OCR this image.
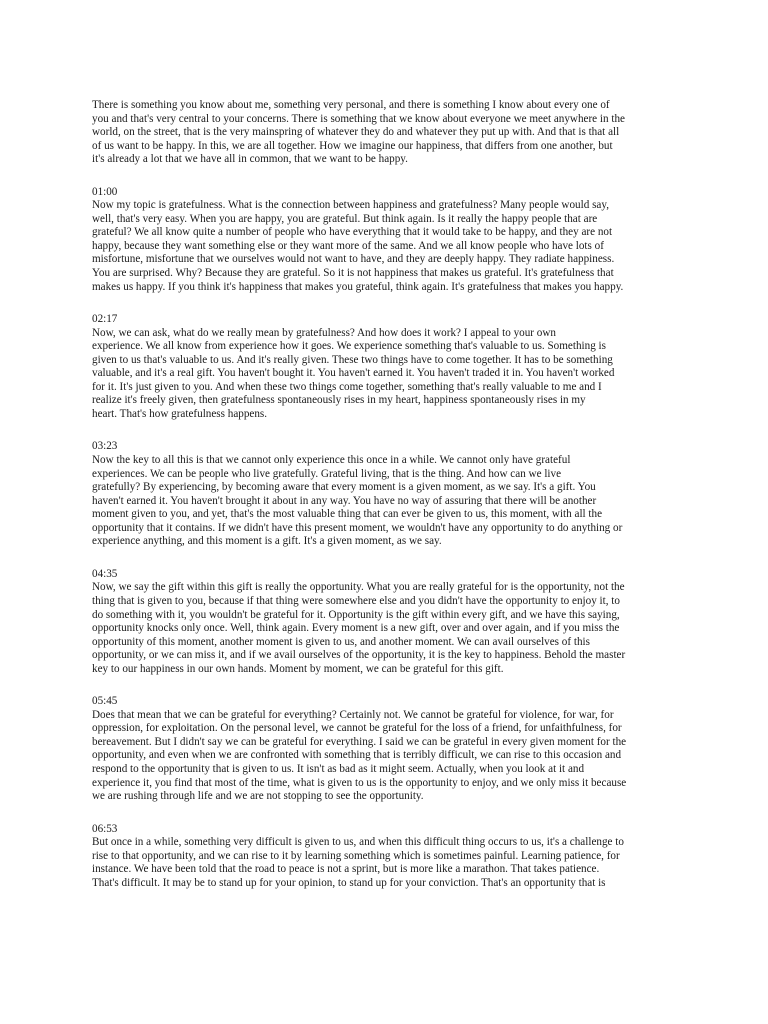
There is something you know about me, something very personal, and there is something I know about every one of
you and that's very central to your concerns. There is something that we know about everyone we meet anywhere in the
world, on the street, that is the very mainspring of whatever they do and whatever they put up with. And that is that all
of us want to be happy. In this, we are all together. How we imagine our happiness, that differs from one another, but
it's already a lot that we have all in common, that we want to be happy.
01:00
Now my topic is gratefulness. What is the connection between happiness and gratefulness? Many people would say,
well, that's very easy. When you are happy, you are grateful. But think again. Is it really the happy people that are
grateful? We all know quite a number of people who have everything that it would take to be happy, and they are not
happy, because they want something else or they want more of the same. And we all know people who have lots of
misfortune, misfortune that we ourselves would not want to have, and they are deeply happy. They radiate happiness.
You are surprised. Why? Because they are grateful. So it is not happiness that makes us grateful. It's gratefulness that
makes us happy. If you think it's happiness that makes you grateful, think again. It's gratefulness that makes you happy.
02:17
Now, we can ask, what do we really mean by gratefulness? And how does it work? I appeal to your own
experience. We all know from experience how it goes. We experience something that's valuable to us. Something is
given to us that's valuable to us. And it's really given. These two things have to come together. It has to be something
valuable, and it's a real gift. You haven't bought it. You haven't earned it. You haven't traded it in. You haven't worked
for it. It's just given to you. And when these two things come together, something that's really valuable to me and I
realize it's freely given, then gratefulness spontaneously rises in my heart, happiness spontaneously rises in my
heart. That's how gratefulness happens.
03:23
Now the key to all this is that we cannot only experience this once in a while. We cannot only have grateful
experiences. We can be people who live gratefully. Grateful living, that is the thing. And how can we live
gratefully? By experiencing, by becoming aware that every moment is a given moment, as we say. It's a gift. You
haven't earned it. You haven't brought it about in any way. You have no way of assuring that there will be another
moment given to you, and yet, that's the most valuable thing that can ever be given to us, this moment, with all the
opportunity that it contains. If we didn't have this present moment, we wouldn't have any opportunity to do anything or
experience anything, and this moment is a gift. It's a given moment, as we say.
04:35
Now, we say the gift within this gift is really the opportunity. What you are really grateful for is the opportunity, not the
thing that is given to you, because if that thing were somewhere else and you didn't have the opportunity to enjoy it, to
do something with it, you wouldn't be grateful for it. Opportunity is the gift within every gift, and we have this saying,
opportunity knocks only once. Well, think again. Every moment is a new gift, over and over again, and if you miss the
opportunity of this moment, another moment is given to us, and another moment. We can avail ourselves of this
opportunity, or we can miss it, and if we avail ourselves of the opportunity, it is the key to happiness. Behold the master
key to our happiness in our own hands. Moment by moment, we can be grateful for this gift.
05:45
Does that mean that we can be grateful for everything? Certainly not. We cannot be grateful for violence, for war, for
oppression, for exploitation. On the personal level, we cannot be grateful for the loss of a friend, for unfaithfulness, for
bereavement. But I didn't say we can be grateful for everything. I said we can be grateful in every given moment for the
opportunity, and even when we are confronted with something that is terribly difficult, we can rise to this occasion and
respond to the opportunity that is given to us. It isn't as bad as it might seem. Actually, when you look at it and
experience it, you find that most of the time, what is given to us is the opportunity to enjoy, and we only miss it because
we are rushing through life and we are not stopping to see the opportunity.
06:53
But once in a while, something very difficult is given to us, and when this difficult thing occurs to us, it's a challenge to
rise to that opportunity, and we can rise to it by learning something which is sometimes painful. Learning patience, for
instance. We have been told that the road to peace is not a sprint, but is more like a marathon. That takes patience.
That's difficult. It may be to stand up for your opinion, to stand up for your conviction. That's an opportunity that is
